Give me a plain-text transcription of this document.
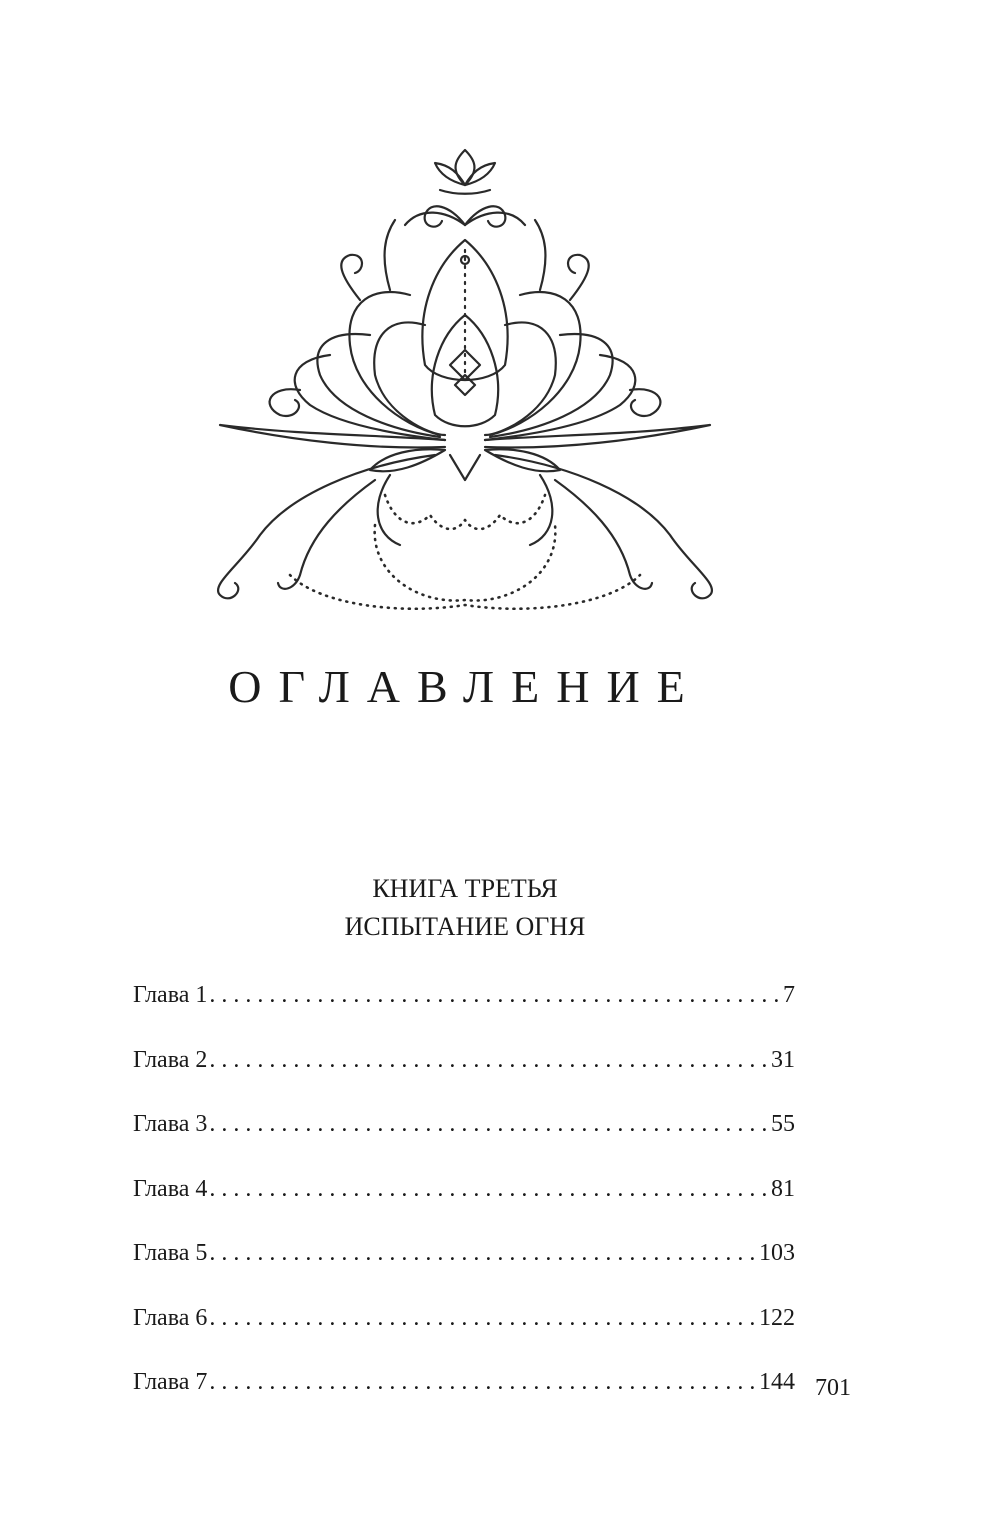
ОГЛАВЛЕНИЕ
КНИГА ТРЕТЬЯ
ИСПЫТАНИЕ ОГНЯ
Глава 1 . . .	7
Глава 2 . . .	31
Глава 3 . . .	55
Глава 4 . . .	81
Глава 5 . . .	103
Глава 6 . . .	122
Глава 7 . . .	144 701
